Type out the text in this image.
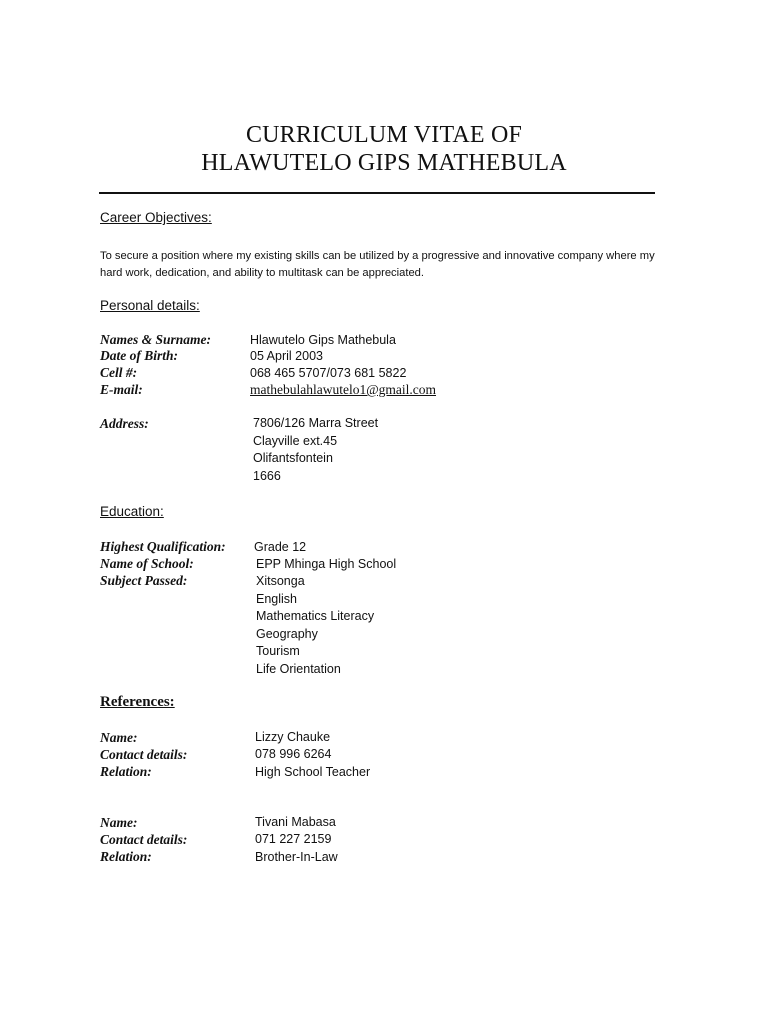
CURRICULUM VITAE OF
HLAWUTELO GIPS MATHEBULA
Career Objectives:

To secure a position where my existing skills can be utilized by a progressive and innovative company where my hard work, dedication, and ability to multitask can be appreciated.

Personal details:
Names & Surname:	Hlawutelo Gips Mathebula
Date of Birth:	05 April 2003
Cell #:	068 465 5707/073 681 5822
E-mail:	mathebulahlawutelo1@gmail.com
Address:	7806/126 Marra Street
Clayville ext.45
Olifantsfontein
1666
Education:
Highest Qualification: Grade 12
Name of School:	EPP Mhinga High School
Subject Passed:	Xitsonga
English
Mathematics Literacy
Geography
Tourism
Life Orientation
References:
Name:	Lizzy Chauke
Contact details:	078 996 6264
Relation:	High School Teacher
Name:	Tivani Mabasa
Contact details:	071 227 2159
Relation:	Brother-In-Law
